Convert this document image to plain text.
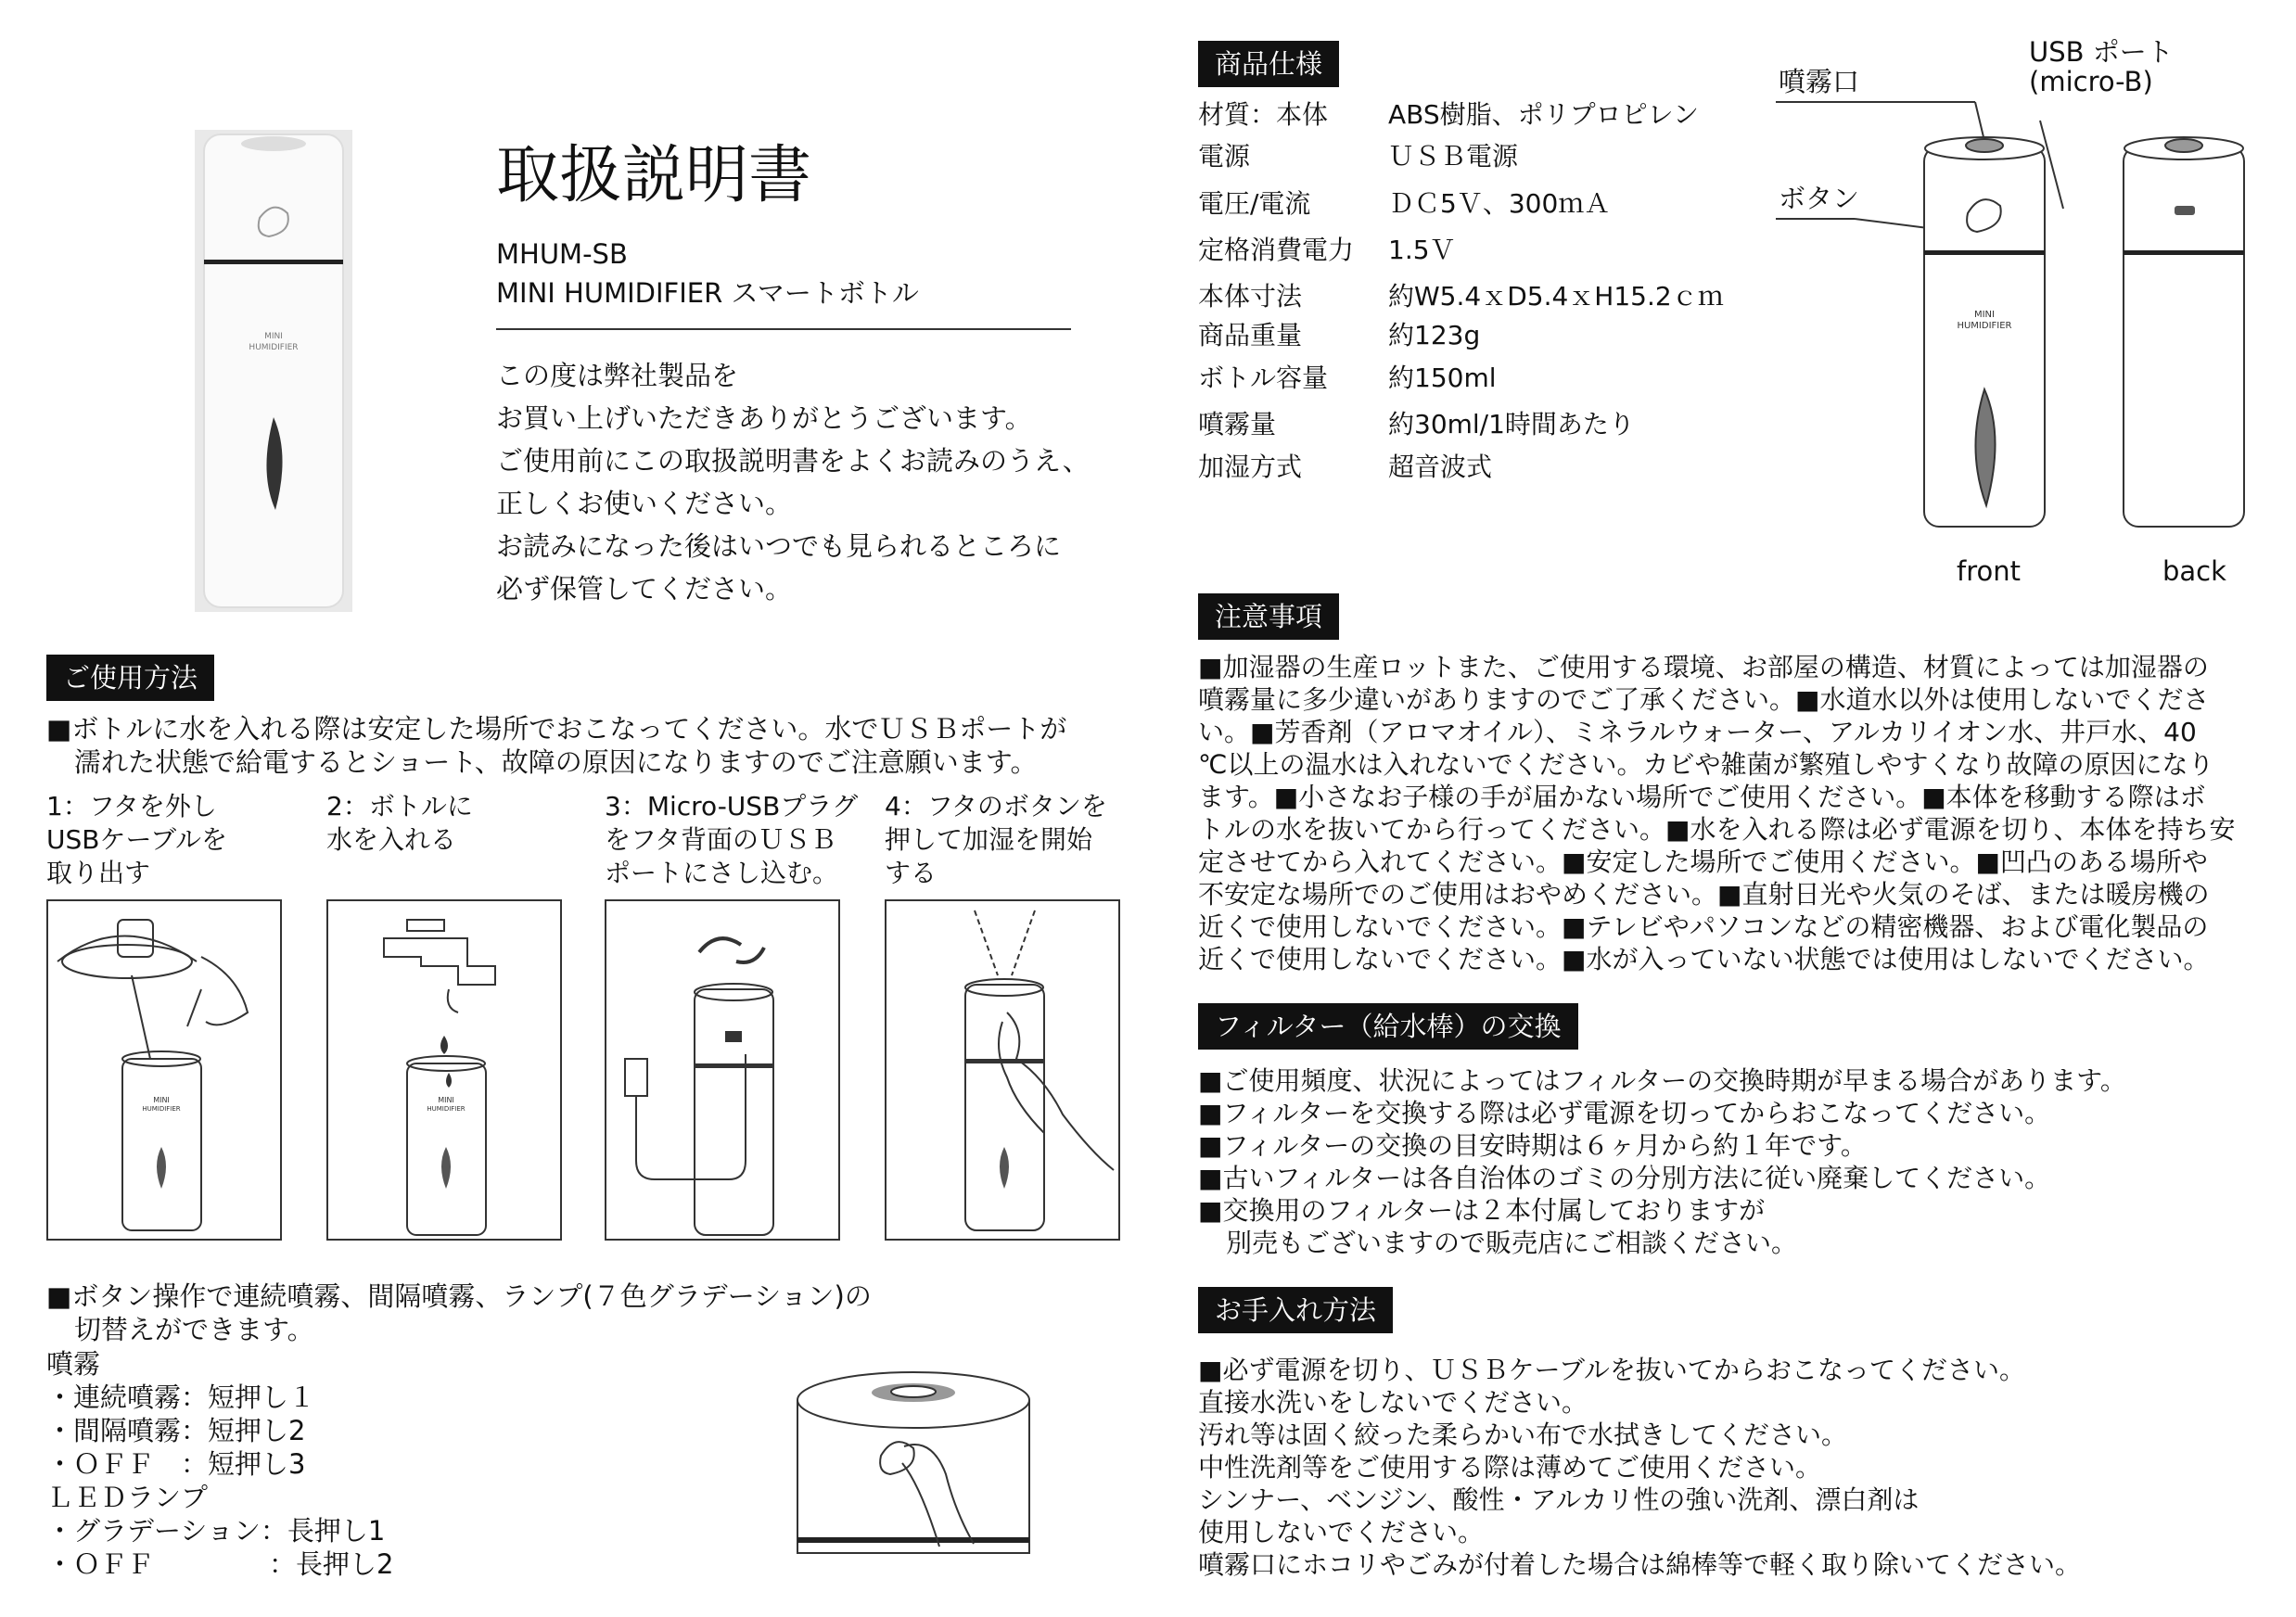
MINI
HUMIDIFIER
取扱説明書
MHUM-SB
MINI HUMIDIFIER スマートボトル
この度は弊社製品を
お買い上げいただきありがとうございます。
ご使用前にこの取扱説明書をよくお読みのうえ、
正しくお使いください。
お読みになった後はいつでも見られるところに
必ず保管してください。
ご使用方法
■ボトルに水を入れる際は安定した場所でおこなってください。水でＵＳＢポートが
濡れた状態で給電するとショート、故障の原因になりますのでご注意願います。
1：フタを外し
USBケーブルを
取り出す
2：ボトルに
水を入れる
3：Micro-USBプラグ
をフタ背面のＵＳＢ
ポートにさし込む。
4：フタのボタンを
押して加湿を開始
する
MINI
HUMIDIFIER
MINI
HUMIDIFIER
■ボタン操作で連続噴霧、間隔噴霧、ランプ(７色グラデーション)の
切替えができます。
噴霧
・連続噴霧：短押し１
・間隔噴霧：短押し2
・ＯＦＦ　：短押し3
ＬＥＤランプ
・グラデーション：長押し1
・ＯＦＦ	：長押し2
商品仕様
材質：本体 ABS樹脂、ポリプロピレン
電源	ＵＳＢ電源
電圧/電流	ＤＣ5Ｖ、300ｍＡ
定格消費電力 1.5Ｖ
本体寸法	約W5.4ｘD5.4ｘH15.2ｃｍ
商品重量	約123g
ボトル容量 約150ml
噴霧量	約30ml/1時間あたり
加湿方式	超音波式
噴霧口
ボタン
USB ポート
(micro-B)
MINI
HUMIDIFIER
front	back
注意事項
■加湿器の生産ロットまた、ご使用する環境、お部屋の構造、材質によっては加湿器の
噴霧量に多少違いがありますのでご了承ください。■水道水以外は使用しないでくださ
い。■芳香剤（アロマオイル）、ミネラルウォーター、アルカリイオン水、井戸水、40
℃以上の温水は入れないでください。カビや雑菌が繁殖しやすくなり故障の原因になり
ます。■小さなお子様の手が届かない場所でご使用ください。■本体を移動する際はボ
トルの水を抜いてから行ってください。■水を入れる際は必ず電源を切り、本体を持ち安
定させてから入れてください。■安定した場所でご使用ください。■凹凸のある場所や
不安定な場所でのご使用はおやめください。■直射日光や火気のそば、または暖房機の
近くで使用しないでください。■テレビやパソコンなどの精密機器、および電化製品の
近くで使用しないでください。■水が入っていない状態では使用はしないでください。
フィルター（給水棒）の交換
■ご使用頻度、状況によってはフィルターの交換時期が早まる場合があります。
■フィルターを交換する際は必ず電源を切ってからおこなってください。
■フィルターの交換の目安時期は６ヶ月から約１年です。
■古いフィルターは各自治体のゴミの分別方法に従い廃棄してください。
■交換用のフィルターは２本付属しておりますが
別売もございますので販売店にご相談ください。
お手入れ方法
■必ず電源を切り、ＵＳＢケーブルを抜いてからおこなってください。
直接水洗いをしないでください。
汚れ等は固く絞った柔らかい布で水拭きしてください。
中性洗剤等をご使用する際は薄めてご使用ください。
シンナー、ベンジン、酸性・アルカリ性の強い洗剤、漂白剤は
使用しないでください。
噴霧口にホコリやごみが付着した場合は綿棒等で軽く取り除いてください。
